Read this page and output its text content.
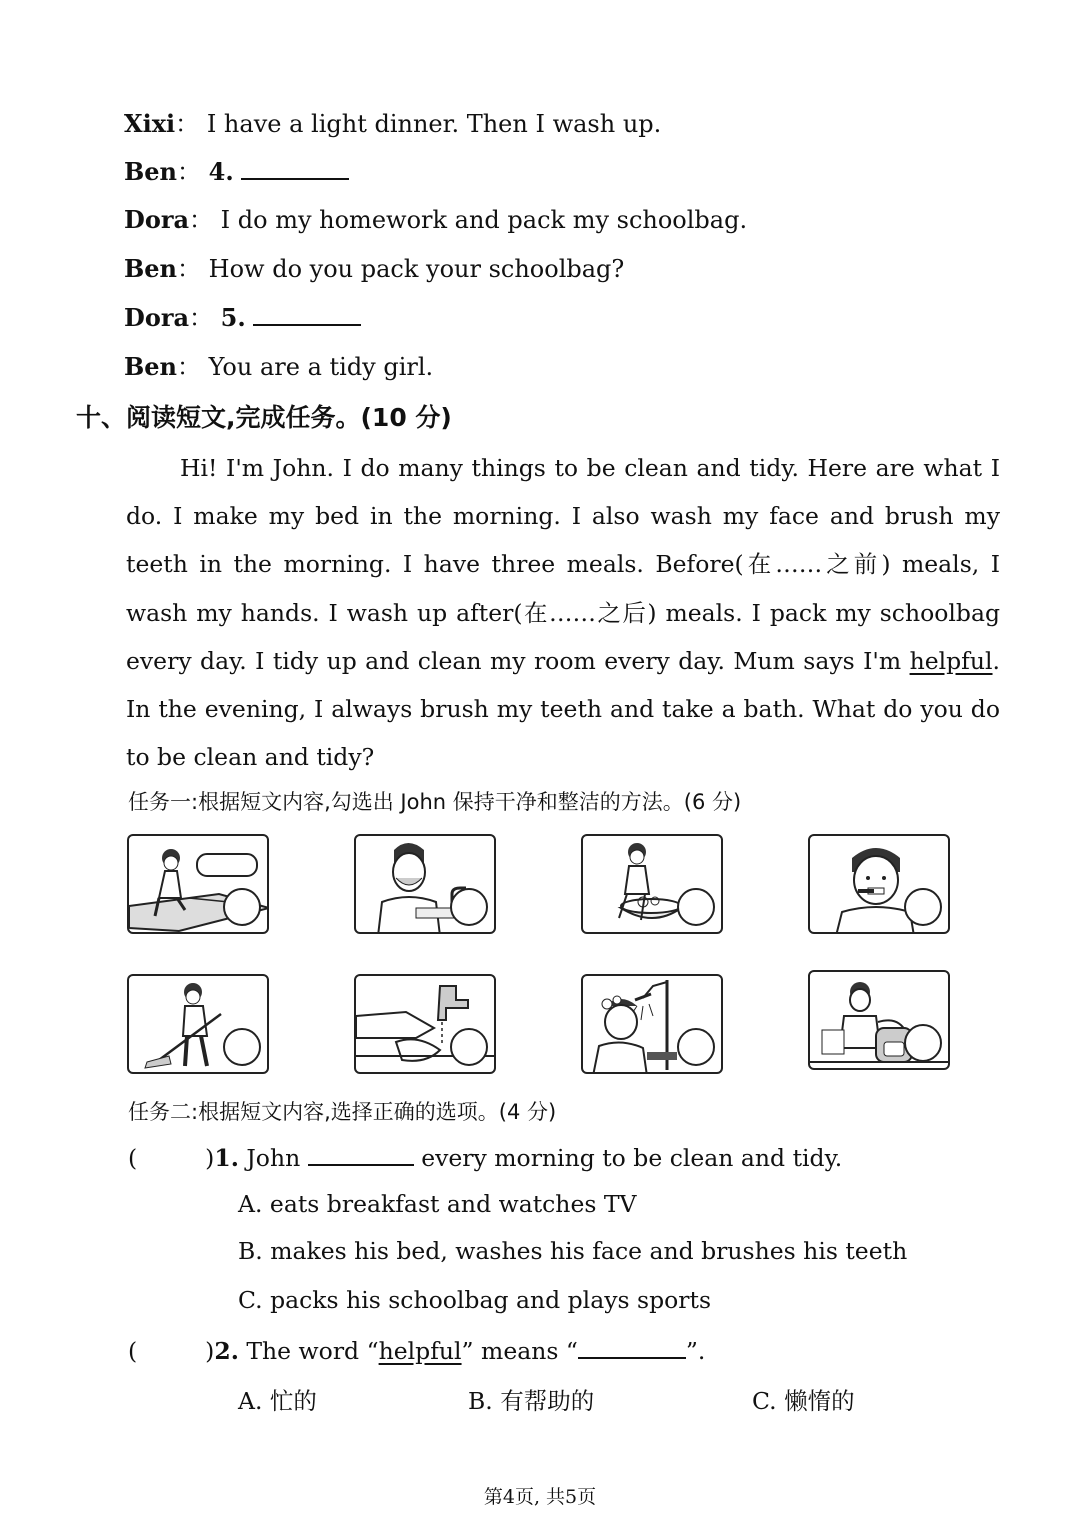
Xixi： I have a light dinner. Then I wash up.
Ben： 4.
Dora： I do my homework and pack my schoolbag.
Ben： How do you pack your schoolbag?
Dora： 5.
Ben： You are a tidy girl.
十、阅读短文,完成任务。(10 分)
Hi! I'm John. I do many things to be clean and tidy. Here are what I do. I make my bed in the morning. I also wash my face and brush my teeth in the morning. I have three meals. Before(在……之前) meals, I wash my hands. I wash up after(在……之后) meals. I pack my schoolbag every day. I tidy up and clean my room every day. Mum says I'm helpful. In the evening, I always brush my teeth and take a bath. What do you do to be clean and tidy?
任务一:根据短文内容,勾选出 John 保持干净和整洁的方法。(6 分)
任务二:根据短文内容,选择正确的选项。(4 分)
(	)1. John	every morning to be clean and tidy.
A. eats breakfast and watches TV
B. makes his bed, washes his face and brushes his teeth
C. packs his schoolbag and plays sports
(	)2. The word “helpful” means “	”.
A. 忙的	B. 有帮助的	C. 懒惰的
第4页, 共5页
